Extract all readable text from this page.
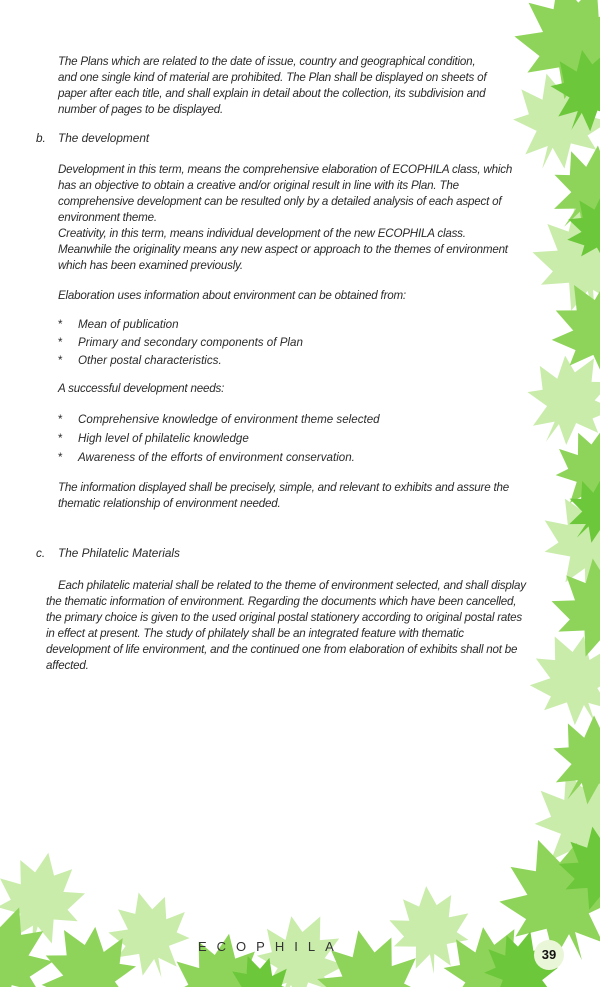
The Plans which are related to the date of issue, country and geographical condition, and one single kind of material are prohibited. The Plan shall be displayed on sheets of paper after each title, and shall explain in detail about the collection, its subdivision and number of pages to be displayed.
b. The development
Development in this term, means the comprehensive elaboration of ECOPHILA class, which has an objective to obtain a creative and/or original result in line with its Plan. The comprehensive development can be resulted only by a detailed analysis of each aspect of environment theme.
Creativity, in this term, means individual development of the new ECOPHILA class. Meanwhile the originality means any new aspect or approach to the themes of environment which has been examined previously.
Elaboration uses information about environment can be obtained from:
* Mean of publication
* Primary and secondary components of Plan
* Other postal characteristics.
A successful development needs:
* Comprehensive knowledge of environment theme selected
* High level of philatelic knowledge
* Awareness of the efforts of environment conservation.
The information displayed shall be precisely, simple, and relevant to exhibits and assure the thematic relationship of environment needed.
c. The Philatelic Materials
Each philatelic material shall be related to the theme of environment selected, and shall display the thematic information of environment. Regarding the documents which have been cancelled, the primary choice is given to the used original postal stationery according to original postal rates in effect at present. The study of philately shall be an integrated feature with thematic development of life environment, and the continued one from elaboration of exhibits shall not be affected.
ECOPHILA
39
